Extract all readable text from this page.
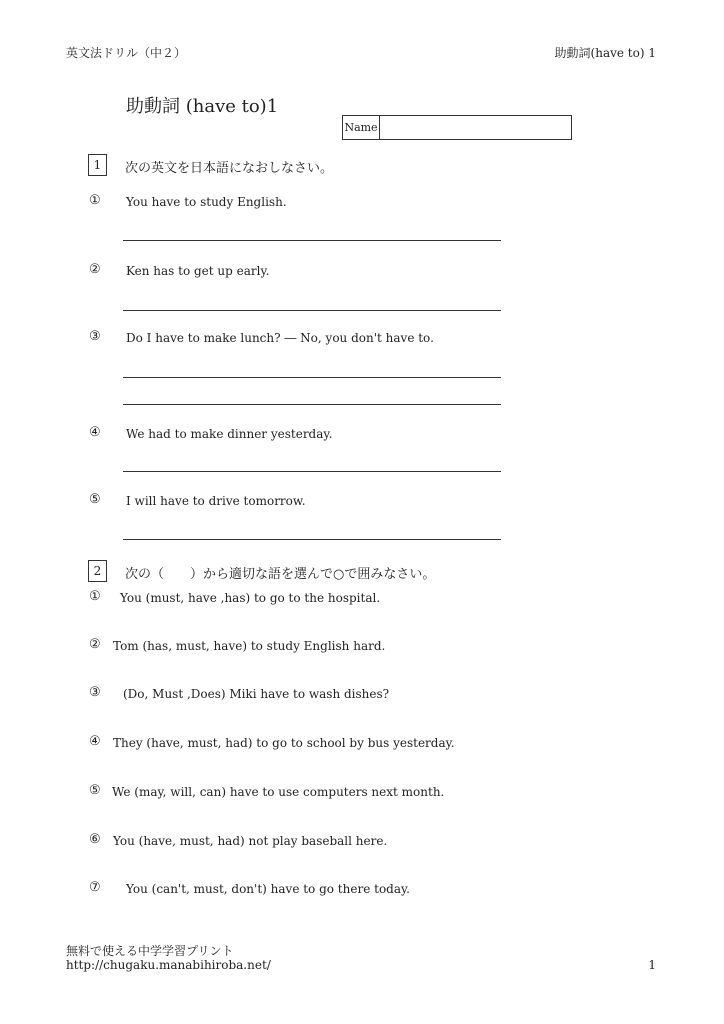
英文法ドリル（中２）	助動詞(have to) 1
助動詞 (have to)1
Name
1	次の英文を日本語になおしなさい。
① You have to study English.
② Ken has to get up early.
③ Do I have to make lunch? ― No, you don't have to.
④ We had to make dinner yesterday.
⑤ I will have to drive tomorrow.
2	次の（　　）から適切な語を選んで○で囲みなさい。
① You (must, have ,has) to go to the hospital.
② Tom (has, must, have) to study English hard.
③ (Do, Must ,Does) Miki have to wash dishes?
④ They (have, must, had) to go to school by bus yesterday.
⑤ We (may, will, can) have to use computers next month.
⑥ You (have, must, had) not play baseball here.
⑦ You (can't, must, don't) have to go there today.
無料で使える中学学習プリント
http://chugaku.manabihiroba.net/	1
